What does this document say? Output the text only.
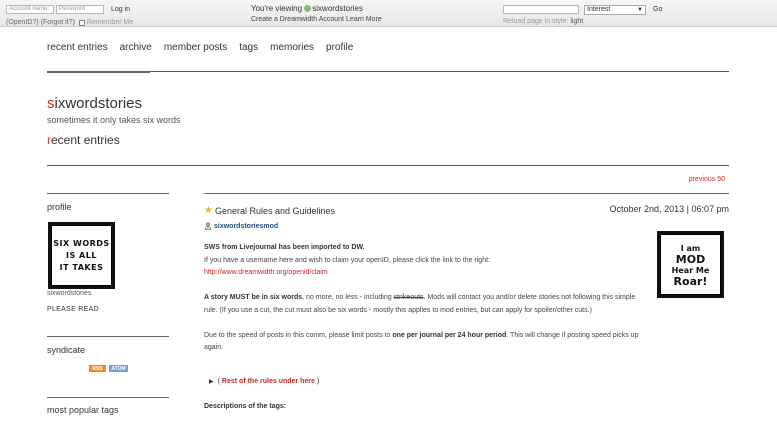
Account name:	Password	Log in
(OpenID?) (Forgot it?) Remember Me
You're viewing sixwordstories
Create a Dreamwidth Account Learn More
Interest	▼ Go
Reload page in style: light
recent entries archive member posts tags memories profile
sixwordstories
sometimes it only takes six words
recent entries
previous 50
profile
SIX WORDS
IS ALL
IT TAKES
sixwordstories
PLEASE READ
syndicate
RSS	ATOM
most popular tags
★ General Rules and Guidelines	October 2nd, 2013 | 06:07 pm
sixwordstoriesmod
I am
MOD
Hear Me
Roar!

SWS from Livejournal has been imported to DW.
If you have a username here and wish to claim your openID, please click the link to the right:
http://www.dreamwidth.org/openid/claim

A story MUST be in six words, no more, no less - including strikeouts. Mods will contact you and/or delete stories not following this simple rule. (If you use a cut, the cut must also be six words - mostly this applies to mod entries, but can apply for spoiler/other cuts.)

Due to the speed of posts in this comm, please limit posts to one per journal per 24 hour period. This will change if posting speed picks up again.

▶ (
Rest of the rules under here
)
Descriptions of the tags:
